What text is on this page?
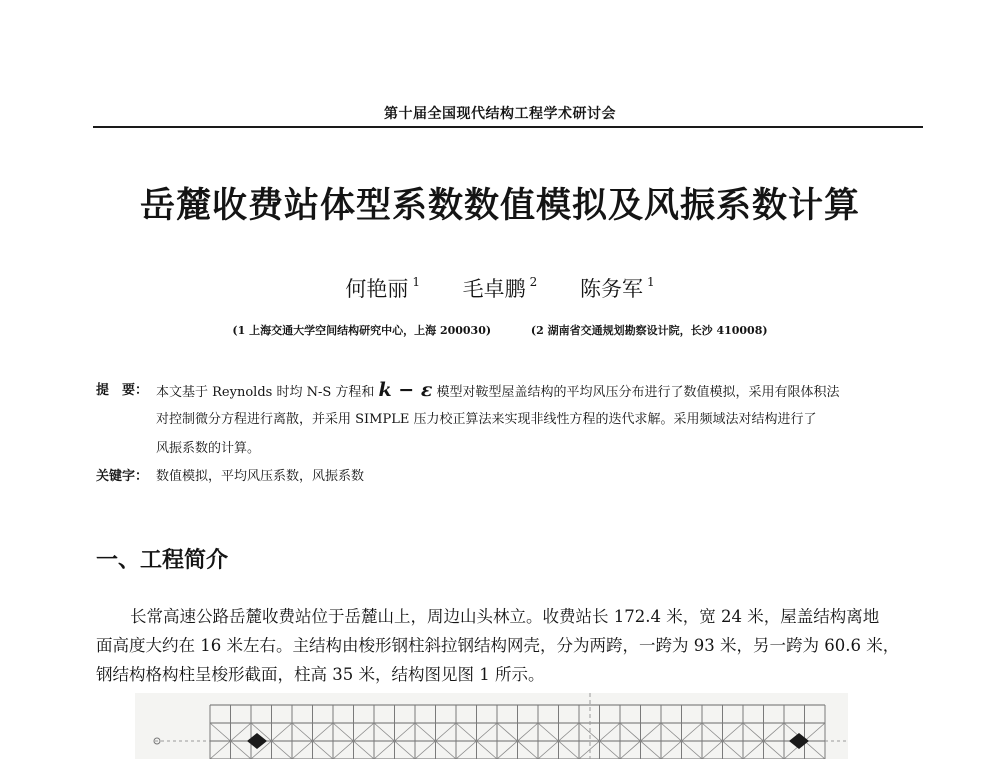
第十届全国现代结构工程学术研讨会
岳麓收费站体型系数数值模拟及风振系数计算
何艳丽 $^1$ 毛卓鹏 $^2$ 陈务军 $^1$
(1 上海交通大学空间结构研究中心，上海 200030)	(2 湖南省交通规划勘察设计院，长沙 410008)
提　要： 本文基于 Reynolds 时均 N-S 方程和 k − ε 模型对鞍型屋盖结构的平均风压分布进行了数值模拟，采用有限体积法
对控制微分方程进行离散，并采用 SIMPLE 压力校正算法来实现非线性方程的迭代求解。采用频域法对结构进行了
风振系数的计算。
关键字： 数值模拟，平均风压系数，风振系数
一、工程简介
长常高速公路岳麓收费站位于岳麓山上，周边山头林立。收费站长 172.4 米，宽 24 米，屋盖结构离地
面高度大约在 16 米左右。主结构由梭形钢柱斜拉钢结构网壳，分为两跨，一跨为 93 米，另一跨为 60.6 米，
钢结构格构柱呈梭形截面，柱高 35 米，结构图见图 1 所示。
